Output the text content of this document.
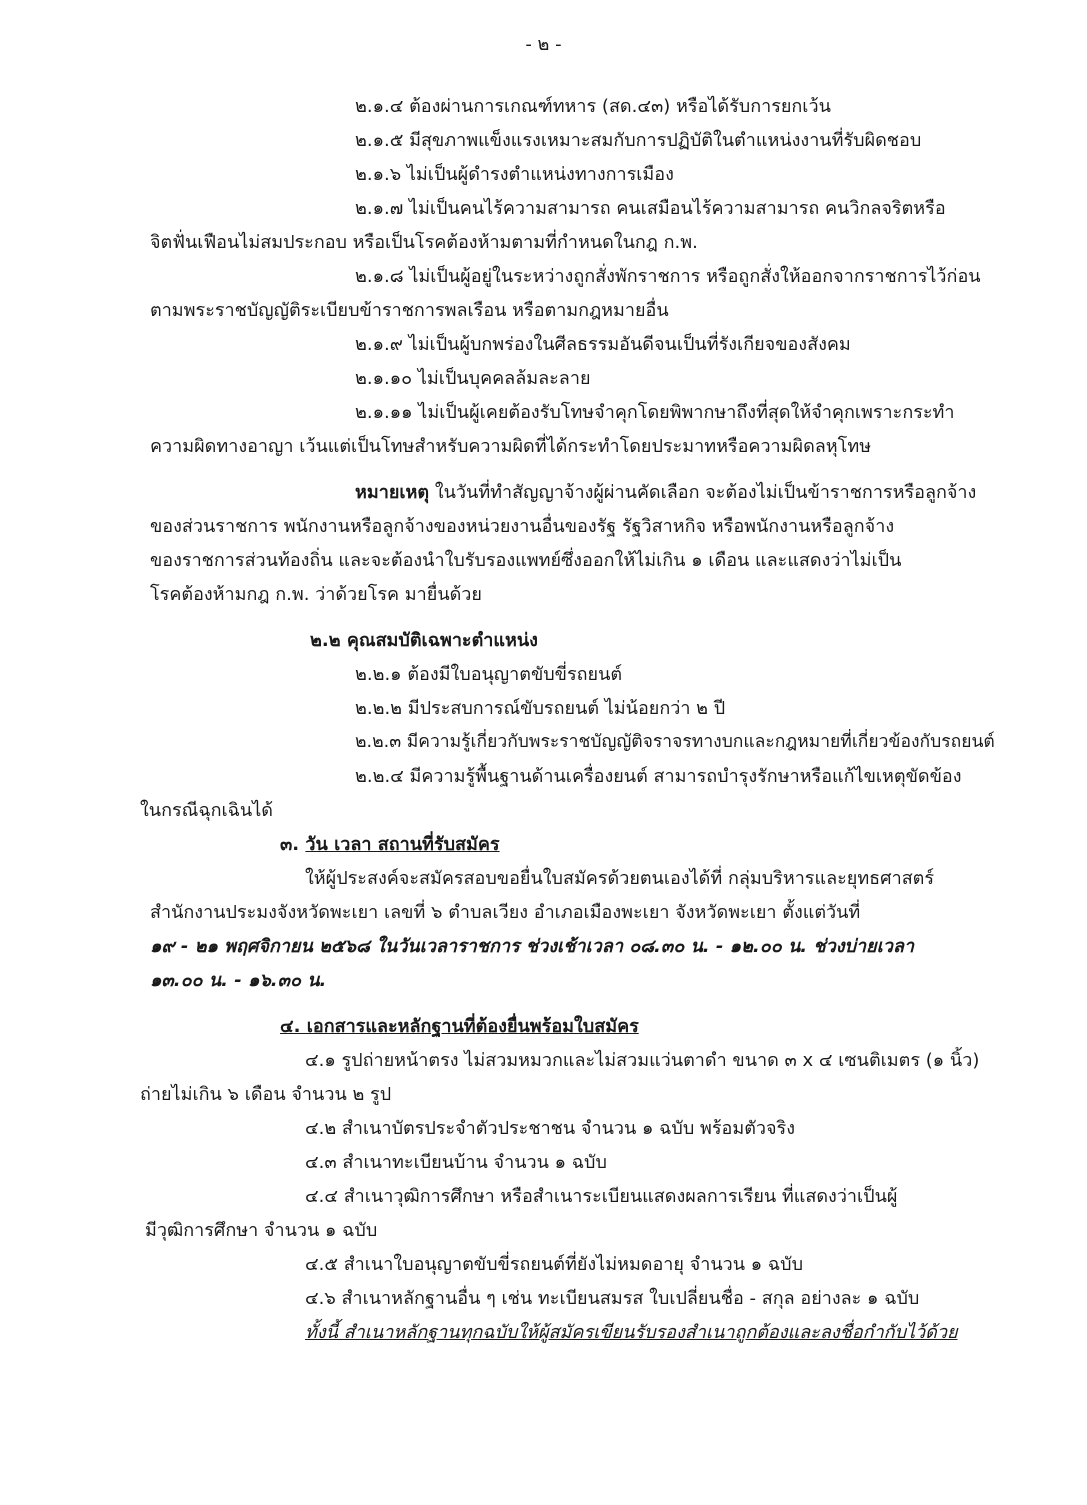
- ๒ -
๒.๑.๔ ต้องผ่านการเกณฑ์ทหาร (สด.๔๓) หรือได้รับการยกเว้น
๒.๑.๕ มีสุขภาพแข็งแรงเหมาะสมกับการปฏิบัติในตำแหน่งงานที่รับผิดชอบ
๒.๑.๖ ไม่เป็นผู้ดำรงตำแหน่งทางการเมือง
๒.๑.๗ ไม่เป็นคนไร้ความสามารถ คนเสมือนไร้ความสามารถ คนวิกลจริตหรือ
จิตฟั่นเฟือนไม่สมประกอบ หรือเป็นโรคต้องห้ามตามที่กำหนดในกฎ ก.พ.
๒.๑.๘ ไม่เป็นผู้อยู่ในระหว่างถูกสั่งพักราชการ หรือถูกสั่งให้ออกจากราชการไว้ก่อน
ตามพระราชบัญญัติระเบียบข้าราชการพลเรือน หรือตามกฎหมายอื่น
๒.๑.๙ ไม่เป็นผู้บกพร่องในศีลธรรมอันดีจนเป็นที่รังเกียจของสังคม
๒.๑.๑๐ ไม่เป็นบุคคลล้มละลาย
๒.๑.๑๑ ไม่เป็นผู้เคยต้องรับโทษจำคุกโดยพิพากษาถึงที่สุดให้จำคุกเพราะกระทำ
ความผิดทางอาญา เว้นแต่เป็นโทษสำหรับความผิดที่ได้กระทำโดยประมาทหรือความผิดลหุโทษ
หมายเหตุ ในวันที่ทำสัญญาจ้างผู้ผ่านคัดเลือก จะต้องไม่เป็นข้าราชการหรือลูกจ้าง
ของส่วนราชการ พนักงานหรือลูกจ้างของหน่วยงานอื่นของรัฐ รัฐวิสาหกิจ หรือพนักงานหรือลูกจ้าง
ของราชการส่วนท้องถิ่น และจะต้องนำใบรับรองแพทย์ซึ่งออกให้ไม่เกิน ๑ เดือน และแสดงว่าไม่เป็น
โรคต้องห้ามกฎ ก.พ. ว่าด้วยโรค มายื่นด้วย
๒.๒ คุณสมบัติเฉพาะตำแหน่ง
๒.๒.๑ ต้องมีใบอนุญาตขับขี่รถยนต์
๒.๒.๒ มีประสบการณ์ขับรถยนต์ ไม่น้อยกว่า ๒ ปี
๒.๒.๓ มีความรู้เกี่ยวกับพระราชบัญญัติจราจรทางบกและกฎหมายที่เกี่ยวข้องกับรถยนต์
๒.๒.๔ มีความรู้พื้นฐานด้านเครื่องยนต์ สามารถบำรุงรักษาหรือแก้ไขเหตุขัดข้อง
ในกรณีฉุกเฉินได้
๓. วัน เวลา สถานที่รับสมัคร
ให้ผู้ประสงค์จะสมัครสอบขอยื่นใบสมัครด้วยตนเองได้ที่ กลุ่มบริหารและยุทธศาสตร์
สำนักงานประมงจังหวัดพะเยา เลขที่ ๖ ตำบลเวียง อำเภอเมืองพะเยา จังหวัดพะเยา ตั้งแต่วันที่
๑๙ - ๒๑ พฤศจิกายน ๒๕๖๘ ในวันเวลาราชการ ช่วงเช้าเวลา ๐๘.๓๐ น. - ๑๒.๐๐ น. ช่วงบ่ายเวลา
๑๓.๐๐ น. - ๑๖.๓๐ น.
๔. เอกสารและหลักฐานที่ต้องยื่นพร้อมใบสมัคร
๔.๑ รูปถ่ายหน้าตรง ไม่สวมหมวกและไม่สวมแว่นตาดำ ขนาด ๓ x ๔ เซนติเมตร (๑ นิ้ว)
ถ่ายไม่เกิน ๖ เดือน จำนวน ๒ รูป
๔.๒ สำเนาบัตรประจำตัวประชาชน จำนวน ๑ ฉบับ พร้อมตัวจริง
๔.๓ สำเนาทะเบียนบ้าน จำนวน ๑ ฉบับ
๔.๔ สำเนาวุฒิการศึกษา หรือสำเนาระเบียนแสดงผลการเรียน ที่แสดงว่าเป็นผู้
มีวุฒิการศึกษา จำนวน ๑ ฉบับ
๔.๕ สำเนาใบอนุญาตขับขี่รถยนต์ที่ยังไม่หมดอายุ จำนวน ๑ ฉบับ
๔.๖ สำเนาหลักฐานอื่น ๆ เช่น ทะเบียนสมรส ใบเปลี่ยนชื่อ - สกุล อย่างละ ๑ ฉบับ
ทั้งนี้ สำเนาหลักฐานทุกฉบับให้ผู้สมัครเขียนรับรองสำเนาถูกต้องและลงชื่อกำกับไว้ด้วย
